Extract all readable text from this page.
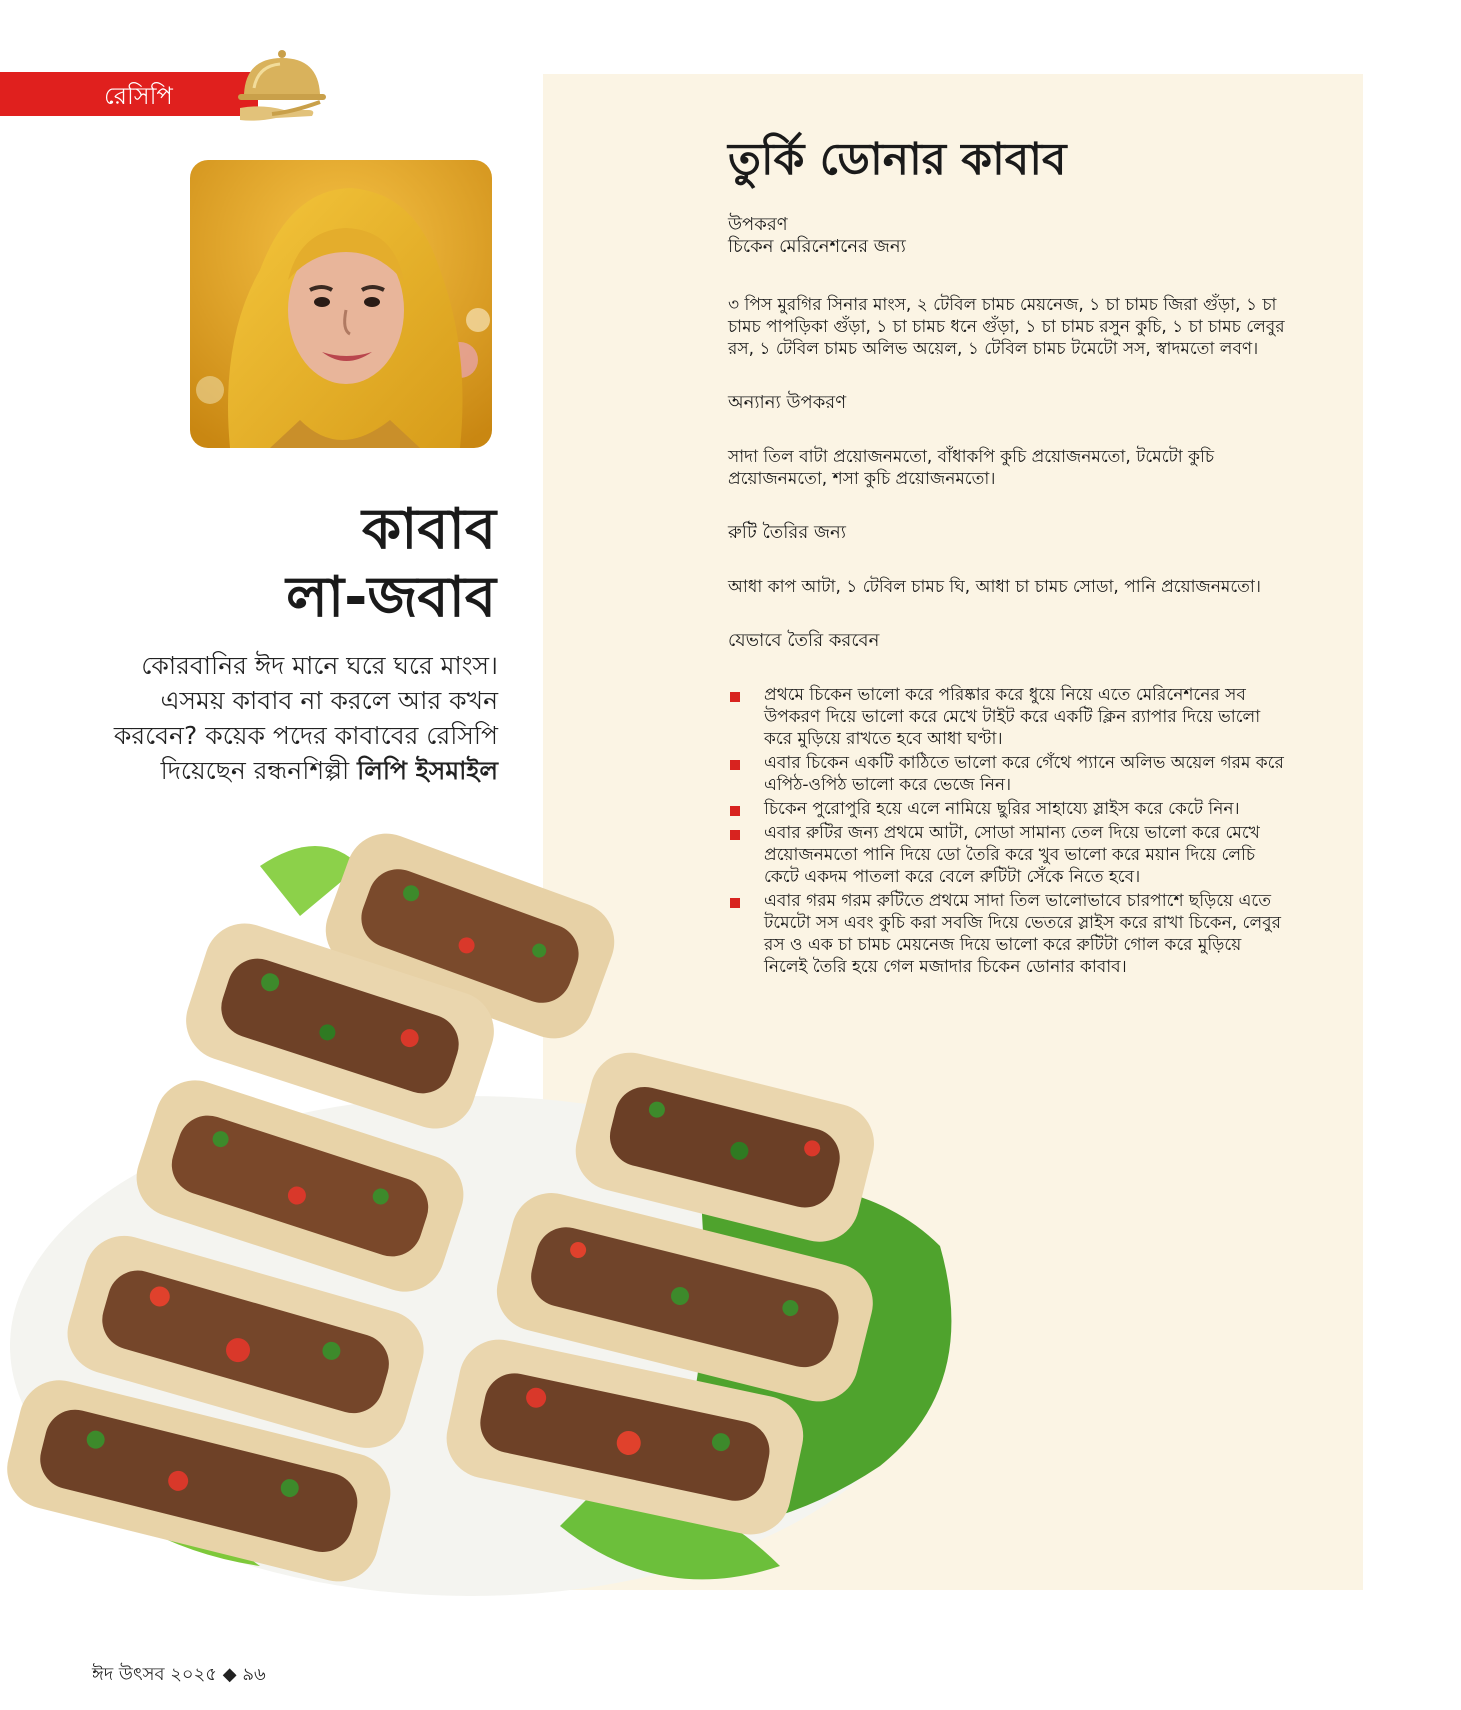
রেসিপি
কাবাব
লা-জবাব
কোরবানির ঈদ মানে ঘরে ঘরে মাংস। এসময় কাবাব না করলে আর কখন করবেন? কয়েক পদের কাবাবের রেসিপি দিয়েছেন রন্ধনশিল্পী লিপি ইসমাইল
তুর্কি ডোনার কাবাব

উপকরণ

চিকেন মেরিনেশনের জন্য

৩ পিস মুরগির সিনার মাংস, ২ টেবিল চামচ মেয়নেজ, ১ চা চামচ জিরা গুঁড়া, ১ চা চামচ পাপড়িকা গুঁড়া, ১ চা চামচ ধনে গুঁড়া, ১ চা চামচ রসুন কুচি, ১ চা চামচ লেবুর রস, ১ টেবিল চামচ অলিভ অয়েল, ১ টেবিল চামচ টমেটো সস, স্বাদমতো লবণ।

অন্যান্য উপকরণ

সাদা তিল বাটা প্রয়োজনমতো, বাঁধাকপি কুচি প্রয়োজনমতো, টমেটো কুচি প্রয়োজনমতো, শসা কুচি প্রয়োজনমতো।

রুটি তৈরির জন্য

আধা কাপ আটা, ১ টেবিল চামচ ঘি, আধা চা চামচ সোডা, পানি প্রয়োজনমতো।

যেভাবে তৈরি করবেন

প্রথমে চিকেন ভালো করে পরিষ্কার করে ধুয়ে নিয়ে এতে মেরিনেশনের সব উপকরণ দিয়ে ভালো করে মেখে টাইট করে একটি ক্লিন র‍্যাপার দিয়ে ভালো করে মুড়িয়ে রাখতে হবে আধা ঘণ্টা।
এবার চিকেন একটি কাঠিতে ভালো করে গেঁথে প্যানে অলিভ অয়েল গরম করে এপিঠ-ওপিঠ ভালো করে ভেজে নিন।
চিকেন পুরোপুরি হয়ে এলে নামিয়ে ছুরির সাহায্যে স্লাইস করে কেটে নিন।
এবার রুটির জন্য প্রথমে আটা, সোডা সামান্য তেল দিয়ে ভালো করে মেখে প্রয়োজনমতো পানি দিয়ে ডো তৈরি করে খুব ভালো করে ময়ান দিয়ে লেচি কেটে একদম পাতলা করে বেলে রুটিটা সেঁকে নিতে হবে।
এবার গরম গরম রুটিতে প্রথমে সাদা তিল ভালোভাবে চারপাশে ছড়িয়ে এতে টমেটো সস এবং কুচি করা সবজি দিয়ে ভেতরে স্লাইস করে রাখা চিকেন, লেবুর রস ও এক চা চামচ মেয়নেজ দিয়ে ভালো করে রুটিটা গোল করে মুড়িয়ে নিলেই তৈরি হয়ে গেল মজাদার চিকেন ডোনার কাবাব।
ঈদ উৎসব ২০২৫ ◆ ৯৬
